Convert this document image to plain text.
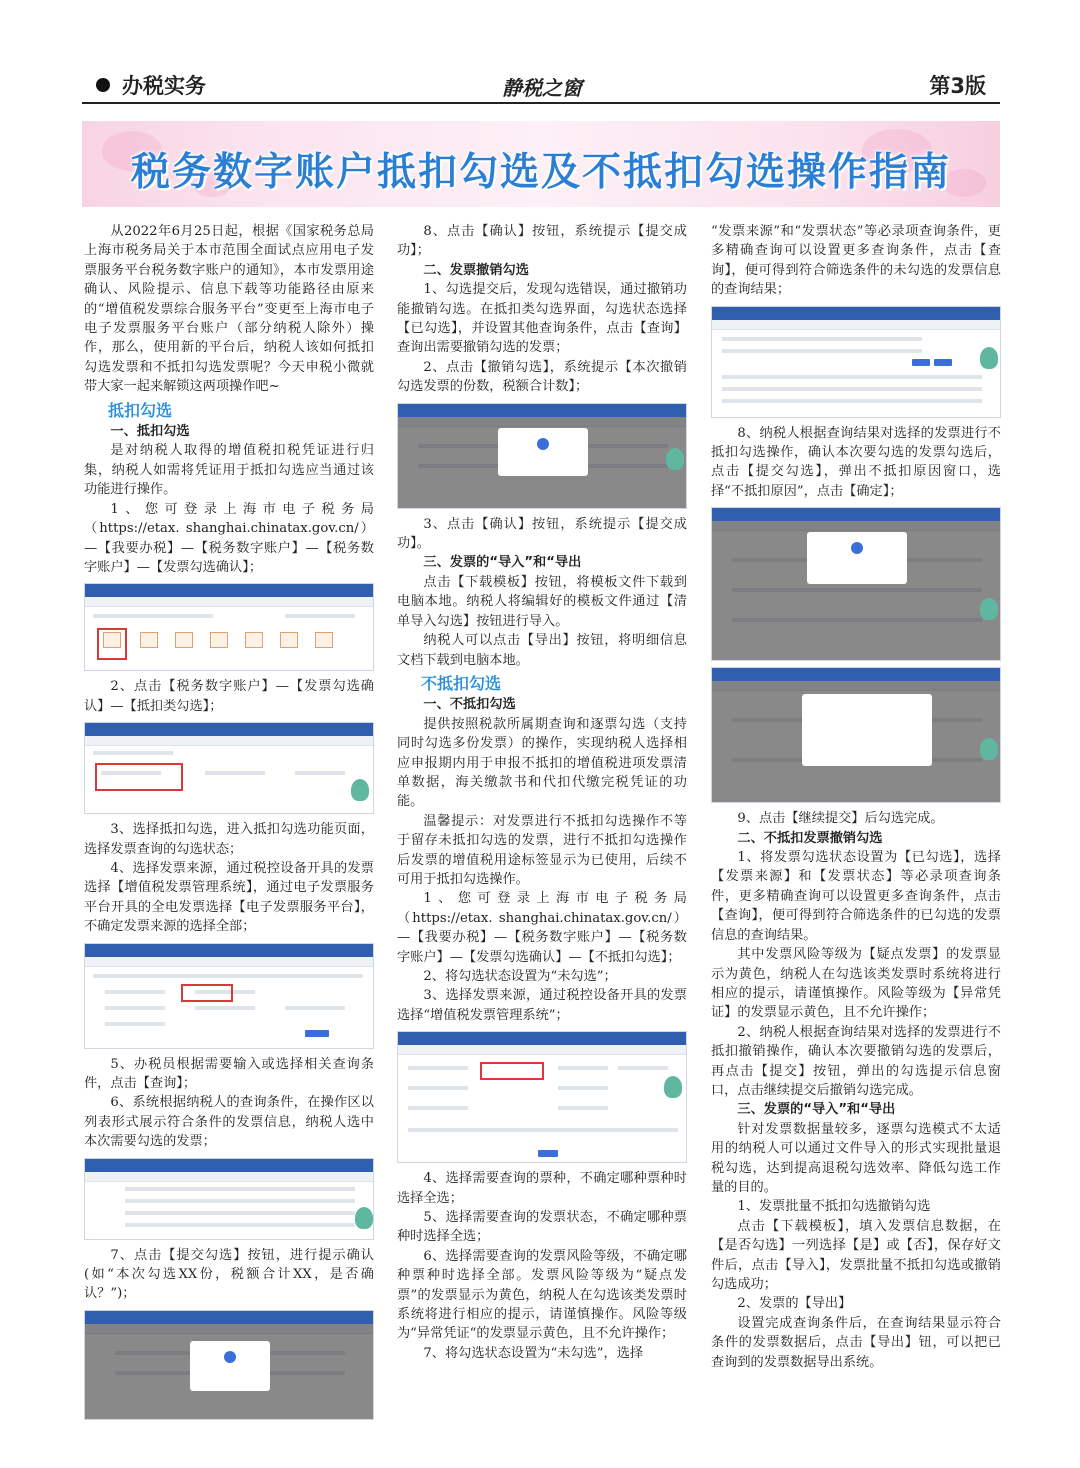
办税实务	静税之窗	第3版
税务数字账户抵扣勾选及不抵扣勾选操作指南

从2022年6月25日起，根据《国家税务总局上海市税务局关于本市范围全面试点应用电子发票服务平台税务数字账户的通知》，本市发票用途确认、风险提示、信息下载等功能路径由原来的“增值税发票综合服务平台”变更至上海市电子电子发票服务平台账户（部分纳税人除外）操作，那么，使用新的平台后，纳税人该如何抵扣勾选发票和不抵扣勾选发票呢？今天申税小微就带大家一起来解锁这两项操作吧~

抵扣勾选

一、抵扣勾选

是对纳税人取得的增值税扣税凭证进行归集，纳税人如需将凭证用于抵扣勾选应当通过该功能进行操作。

1、您可登录上海市电子税务局（https://etax. shanghai.chinatax.gov.cn/）—【我要办税】—【税务数字账户】—【税务数字账户】—【发票勾选确认】；

2、点击【税务数字账户】—【发票勾选确认】—【抵扣类勾选】；

3、选择抵扣勾选，进入抵扣勾选功能页面，选择发票查询的勾选状态；

4、选择发票来源，通过税控设备开具的发票选择【增值税发票管理系统】，通过电子发票服务平台开具的全电发票选择【电子发票服务平台】，不确定发票来源的选择全部；

5、办税员根据需要输入或选择相关查询条件，点击【查询】；

6、系统根据纳税人的查询条件，在操作区以列表形式展示符合条件的发票信息，纳税人选中本次需要勾选的发票；

7、点击【提交勾选】按钮，进行提示确认(如“本次勾选XX份，税额合计XX，是否确认？”)；

8、点击【确认】按钮，系统提示【提交成功】；

二、发票撤销勾选

1、勾选提交后，发现勾选错误，通过撤销功能撤销勾选。在抵扣类勾选界面，勾选状态选择【已勾选】，并设置其他查询条件，点击【查询】查询出需要撤销勾选的发票；

2、点击【撤销勾选】，系统提示【本次撤销勾选发票的份数，税额合计数】；

3、点击【确认】按钮，系统提示【提交成功】。

三、发票的“导入”和“导出

点击【下载模板】按钮，将模板文件下载到电脑本地。纳税人将编辑好的模板文件通过【清单导入勾选】按钮进行导入。

纳税人可以点击【导出】按钮，将明细信息文档下载到电脑本地。

不抵扣勾选

一、不抵扣勾选

提供按照税款所属期查询和逐票勾选（支持同时勾选多份发票）的操作，实现纳税人选择相应申报期内用于申报不抵扣的增值税进项发票清单数据，海关缴款书和代扣代缴完税凭证的功能。

温馨提示：对发票进行不抵扣勾选操作不等于留存未抵扣勾选的发票，进行不抵扣勾选操作后发票的增值税用途标签显示为已使用，后续不可用于抵扣勾选操作。

1、您可登录上海市电子税务局（https://etax. shanghai.chinatax.gov.cn/）—【我要办税】—【税务数字账户】—【税务数字账户】—【发票勾选确认】—【不抵扣勾选】；

2、将勾选状态设置为“未勾选”；

3、选择发票来源，通过税控设备开具的发票选择“增值税发票管理系统”；

4、选择需要查询的票种，不确定哪种票种时选择全选；

5、选择需要查询的发票状态，不确定哪种票种时选择全选；

6、选择需要查询的发票风险等级，不确定哪种票种时选择全部。发票风险等级为“疑点发票”的发票显示为黄色，纳税人在勾选该类发票时系统将进行相应的提示，请谨慎操作。风险等级为“异常凭证“的发票显示黄色，且不允许操作；

7、将勾选状态设置为“未勾选”，选择

“发票来源”和“发票状态”等必录项查询条件，更多精确查询可以设置更多查询条件，点击【查询】，便可得到符合筛选条件的未勾选的发票信息的查询结果；

8、纳税人根据查询结果对选择的发票进行不抵扣勾选操作，确认本次要勾选的发票勾选后，点击【提交勾选】，弹出不抵扣原因窗口，选择“不抵扣原因”，点击【确定】；

9、点击【继续提交】后勾选完成。

二、不抵扣发票撤销勾选

1、将发票勾选状态设置为【已勾选】，选择【发票来源】和【发票状态】等必录项查询条件，更多精确查询可以设置更多查询条件，点击【查询】，便可得到符合筛选条件的已勾选的发票信息的查询结果。

其中发票风险等级为【疑点发票】的发票显示为黄色，纳税人在勾选该类发票时系统将进行相应的提示，请谨慎操作。风险等级为【异常凭证】的发票显示黄色，且不允许操作；

2、纳税人根据查询结果对选择的发票进行不抵扣撤销操作，确认本次要撤销勾选的发票后，再点击【提交】按钮，弹出的勾选提示信息窗口，点击继续提交后撤销勾选完成。

三、发票的“导入”和“导出

针对发票数据量较多，逐票勾选模式不太适用的纳税人可以通过文件导入的形式实现批量退税勾选，达到提高退税勾选效率、降低勾选工作量的目的。

1、发票批量不抵扣勾选撤销勾选

点击【下载模板】，填入发票信息数据，在【是否勾选】一列选择【是】或【否】，保存好文件后，点击【导入】，发票批量不抵扣勾选或撤销勾选成功；

2、发票的【导出】

设置完成查询条件后，在查询结果显示符合条件的发票数据后，点击【导出】钮，可以把已查询到的发票数据导出系统。
